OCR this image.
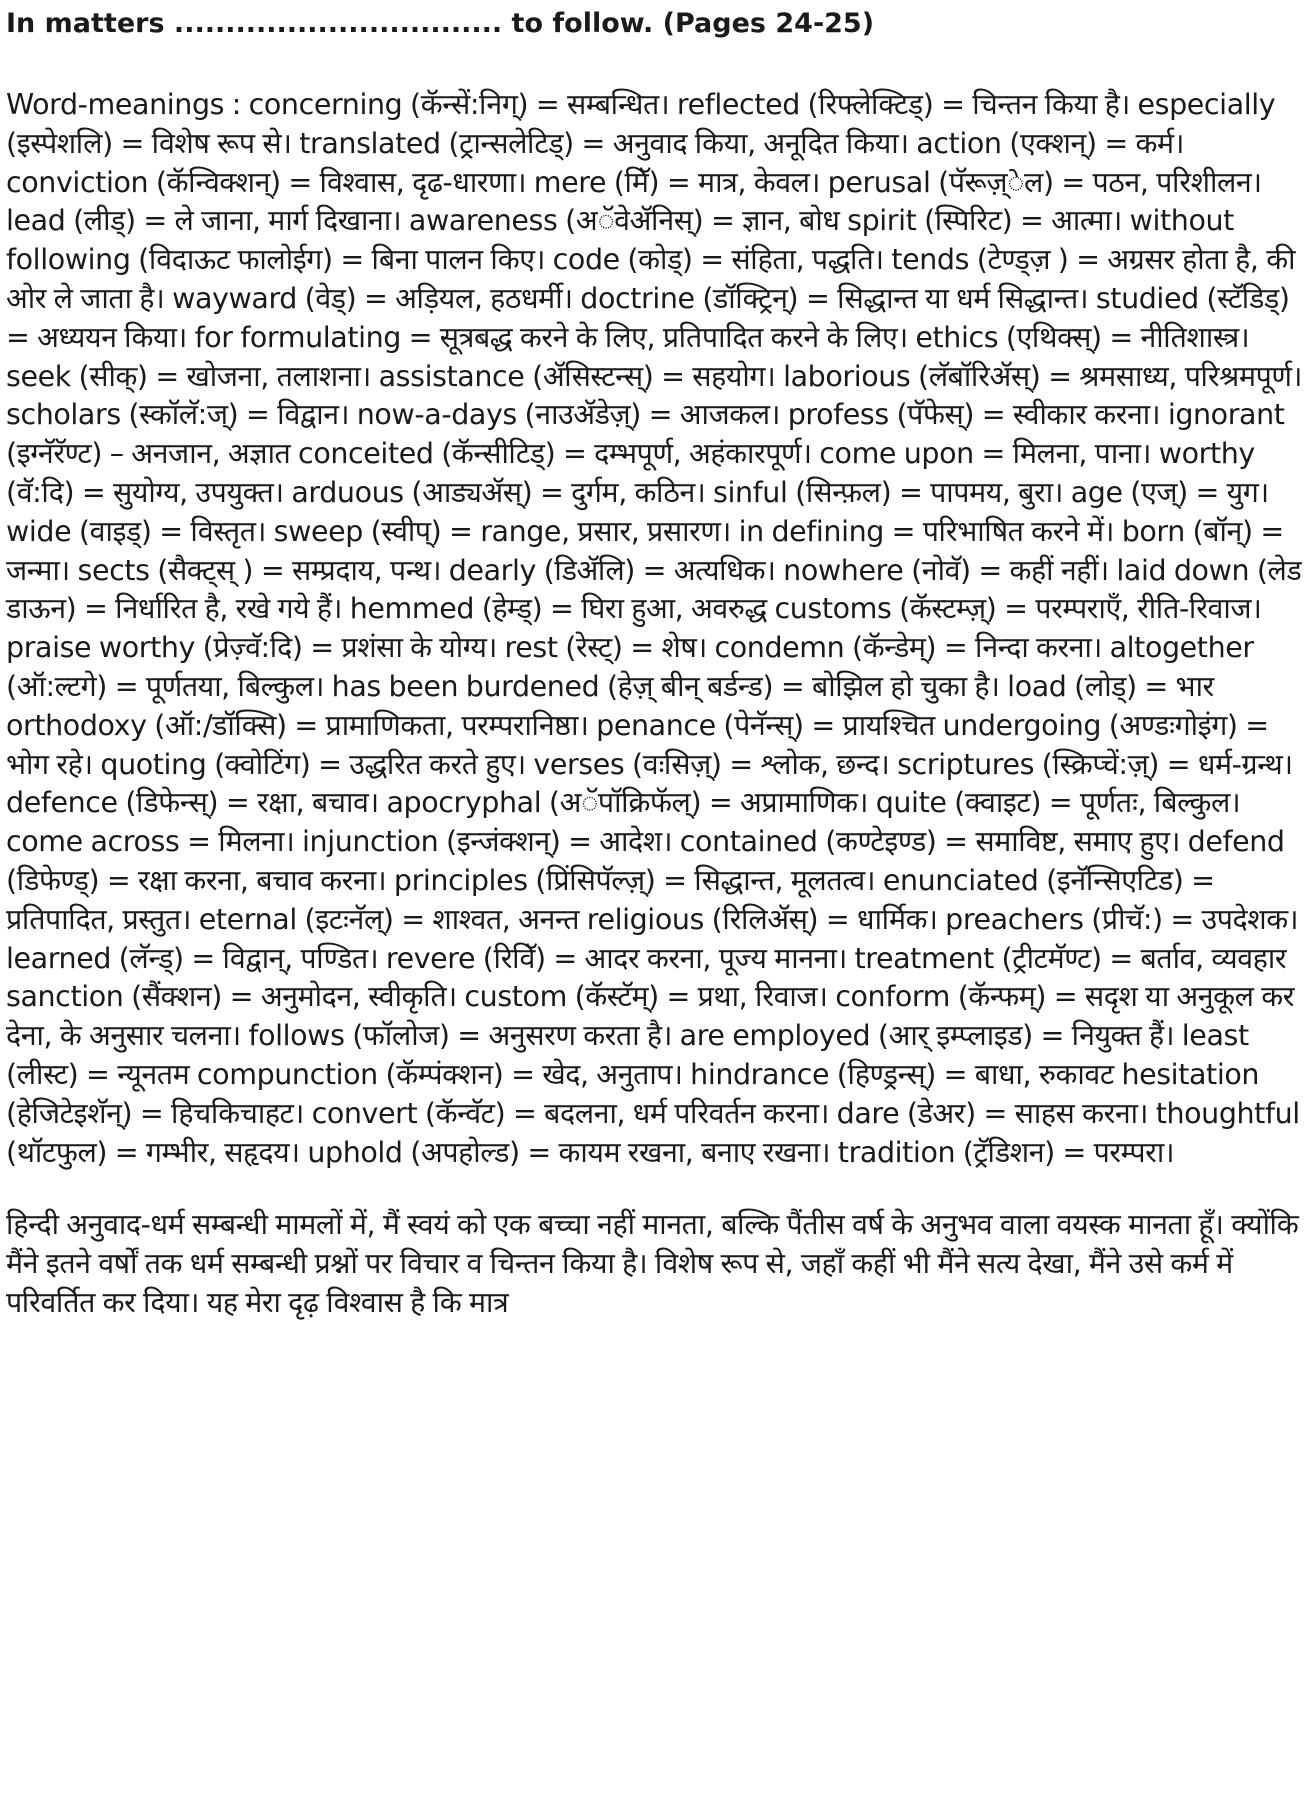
In matters ................................ to follow. (Pages 24-25)

Word-meanings : concerning (कॅन्सें:निग्) = सम्बन्धित। reflected (रिफ्लेक्टिड्) = चिन्तन किया है। especially (इस्पेशलि) = विशेष रूप से। translated (ट्रान्सलेटिड्) = अनुवाद किया, अनूदित किया। action (एक्शन्) = कर्म। conviction (कॅन्विक्शन्) = विश्वास, दृढ-धारणा। mere (मिॅ) = मात्र, केवल। perusal (पॅरूज़्ेल) = पठन, परिशीलन। lead (लीड्) = ले जाना, मार्ग दिखाना। awareness (अॅवेॲनिस्) = ज्ञान, बोध spirit (स्पिरिट) = आत्मा। without following (विदाऊट फालोईग) = बिना पालन किए। code (कोड्) = संहिता, पद्धति। tends (टेण्ड्ज़ ) = अग्रसर होता है, की ओर ले जाता है। wayward (वेड्) = अड़ियल, हठधर्मी। doctrine (डॉक्ट्रिन्) = सिद्धान्त या धर्म सिद्धान्त। studied (स्टॅडिड्) = अध्ययन किया। for formulating = सूत्रबद्ध करने के लिए, प्रतिपादित करने के लिए। ethics (एथिक्स्) = नीतिशास्त्र। seek (सीक्) = खोजना, तलाशना। assistance (ॲसिस्टन्स्) = सहयोग। laborious (लॅबॉरिॲस्) = श्रमसाध्य, परिश्रमपूर्ण। scholars (स्कॉलॅ:ज्) = विद्वान। now-a-days (नाउॲडेज़्) = आजकल। profess (पॅफेस्) = स्वीकार करना। ignorant (इग्नॅरॅण्ट) – अनजान, अज्ञात conceited (कॅन्सीटिड्) = दम्भपूर्ण, अहंकारपूर्ण। come upon = मिलना, पाना। worthy (वॅ:दि) = सुयोग्य, उपयुक्त। arduous (आड्यॲस्) = दुर्गम, कठिन। sinful (सिन्फ़ल) = पापमय, बुरा। age (एज्) = युग। wide (वाइड्) = विस्तृत। sweep (स्वीप्) = range, प्रसार, प्रसारण। in defining = परिभाषित करने में। born (बॉन्) = जन्मा। sects (सैक्ट्स् ) = सम्प्रदाय, पन्थ। dearly (डिॲलि) = अत्यधिक। nowhere (नोवॅ) = कहीं नहीं। laid down (लेड डाऊन) = निर्धारित है, रखे गये हैं। hemmed (हेम्ड्) = घिरा हुआ, अवरुद्ध customs (कॅस्टम्ज़्) = परम्पराएँ, रीति-रिवाज। praise worthy (प्रेज़्वॅ:दि) = प्रशंसा के योग्य। rest (रेस्ट्) = शेष। condemn (कॅन्डेम्) = निन्दा करना। altogether (ऑ:ल्टगे) = पूर्णतया, बिल्कुल। has been burdened (हेज़् बीन् बर्डन्ड) = बोझिल हो चुका है। load (लोड्) = भार orthodoxy (ऑ:/डॉक्सि) = प्रामाणिकता, परम्परानिष्ठा। penance (पेनॅन्स्) = प्रायश्चित undergoing (अण्डःगोइंग) = भोग रहे। quoting (क्वोटिंग) = उद्धरित करते हुए। verses (वःसिज़्) = श्लोक, छन्द। scriptures (स्क्रिप्चें:ज़्) = धर्म-ग्रन्थ। defence (डिफेन्स्) = रक्षा, बचाव। apocryphal (अॅपॉक्रिफॅल्) = अप्रामाणिक। quite (क्वाइट) = पूर्णतः, बिल्कुल। come across = मिलना। injunction (इन्जंक्शन्) = आदेश। contained (कण्टेइण्ड) = समाविष्ट, समाए हुए। defend (डिफेण्ड्) = रक्षा करना, बचाव करना। principles (प्रिंसिपॅल्ज़्) = सिद्धान्त, मूलतत्व। enunciated (इनॅन्सिएटिड) = प्रतिपादित, प्रस्तुत। eternal (इटःनॅल्) = शाश्वत, अनन्त religious (रिलिॲस्) = धार्मिक। preachers (प्रीचॅ:) = उपदेशक। learned (लॅन्ड्) = विद्वान्, पण्डित। revere (रिविॅ) = आदर करना, पूज्य मानना। treatment (ट्रीटमॅण्ट) = बर्ताव, व्यवहार sanction (सैंक्शन) = अनुमोदन, स्वीकृति। custom (कॅस्टॅम्) = प्रथा, रिवाज। conform (कॅन्फम्) = सदृश या अनुकूल कर देना, के अनुसार चलना। follows (फॉलोज) = अनुसरण करता है। are employed (आर् इम्प्लाइड) = नियुक्त हैं। least (लीस्ट) = न्यूनतम compunction (कॅम्पंक्शन) = खेद, अनुताप। hindrance (हिण्ड्रन्स्) = बाधा, रुकावट hesitation (हेजिटेइशॅन्) = हिचकिचाहट। convert (कॅन्वॅट) = बदलना, धर्म परिवर्तन करना। dare (डेअर) = साहस करना। thoughtful (थॉटफुल) = गम्भीर, सहृदय। uphold (अपहोल्ड) = कायम रखना, बनाए रखना। tradition (ट्रॅडिशन) = परम्परा।

हिन्दी अनुवाद-धर्म सम्बन्धी मामलों में, मैं स्वयं को एक बच्चा नहीं मानता, बल्कि पैंतीस वर्ष के अनुभव वाला वयस्क मानता हूँ। क्योंकि मैंने इतने वर्षों तक धर्म सम्बन्धी प्रश्नों पर विचार व चिन्तन किया है। विशेष रूप से, जहाँ कहीं भी मैंने सत्य देखा, मैंने उसे कर्म में परिवर्तित कर दिया। यह मेरा दृढ़ विश्वास है कि मात्र
